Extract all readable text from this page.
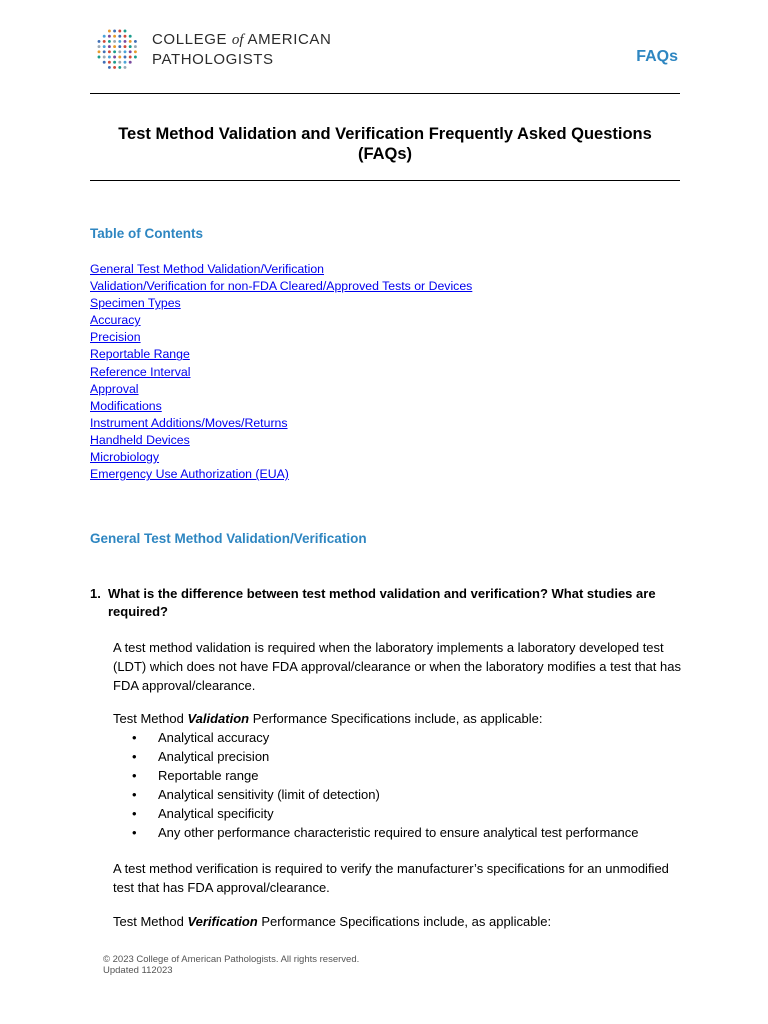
COLLEGE of AMERICAN
PATHOLOGISTS	FAQs
Test Method Validation and Verification Frequently Asked Questions
(FAQs)
Table of Contents
General Test Method Validation/Verification
Validation/Verification for non-FDA Cleared/Approved Tests or Devices
Specimen Types
Accuracy
Precision
Reportable Range
Reference Interval
Approval
Modifications
Instrument Additions/Moves/Returns
Handheld Devices
Microbiology
Emergency Use Authorization (EUA)
General Test Method Validation/Verification
1. What is the difference between test method validation and verification? What studies are required?
A test method validation is required when the laboratory implements a laboratory developed test (LDT) which does not have FDA approval/clearance or when the laboratory modifies a test that has FDA approval/clearance.
Test Method Validation Performance Specifications include, as applicable:
• Analytical accuracy
• Analytical precision
• Reportable range
• Analytical sensitivity (limit of detection)
• Analytical specificity
• Any other performance characteristic required to ensure analytical test performance
A test method verification is required to verify the manufacturer’s specifications for an unmodified test that has FDA approval/clearance.
Test Method Verification Performance Specifications include, as applicable:
© 2023 College of American Pathologists. All rights reserved.
Updated 112023
